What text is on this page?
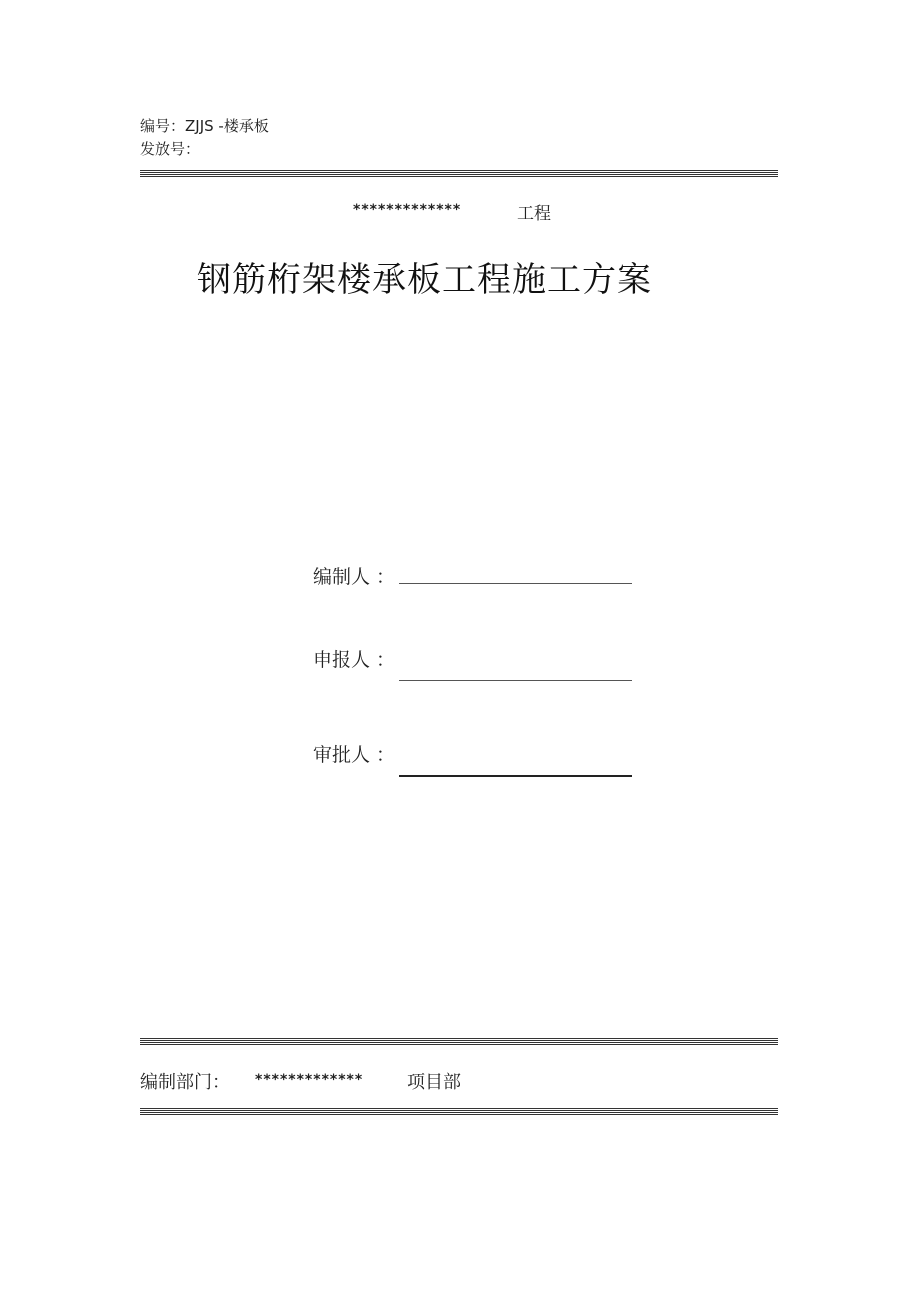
编号：ZJJS -楼承板
发放号：
*************	工程
钢筋桁架楼承板工程施工方案
编制人 ：
申报人 ：
审批人 ：
编制部门： ************* 项目部
